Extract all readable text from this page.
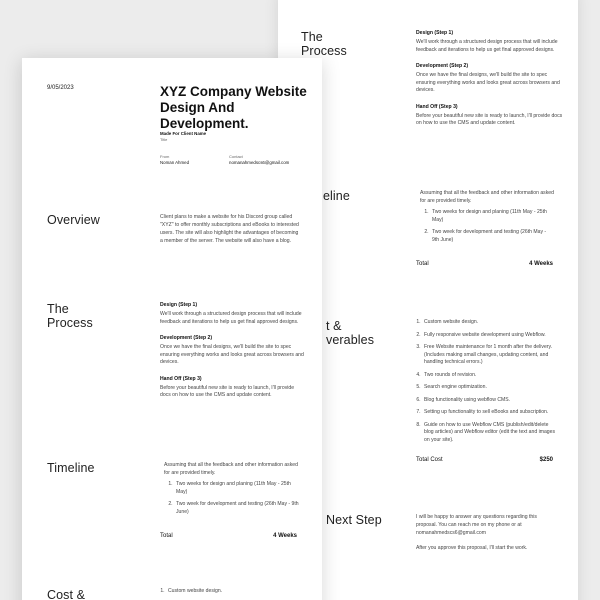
The
Process
Design (Step 1)
We'll work through a structured design process that will include feedback and iterations to help us get final approved designs.
Development (Step 2)
Once we have the final designs, we'll build the site to spec ensuring everything works and looks great across browsers and devices.
Hand Off (Step 3)
Before your beautiful new site is ready to launch, I'll provide docs on how to use the CMS and update content.
eline	Assuming that all the feedback and other information asked for are provided timely.
1. Two weeks for design and planing (11th May - 25th May)
2. Two week for development and testing (26th May - 9th June)
Total	4 Weeks
t &
verables
1. Custom website design.
2. Fully responsive website development using Webflow.
3. Free Website maintenance for 1 month after the delivery. (Includes making small changes, updating content, and handling technical errors.)
4. Two rounds of revision.
5. Search engine optimization.
6. Blog functionality using webflow CMS.
7. Setting up functionality to sell eBooks and subscription.
8. Guide on how to use Webflow CMS (publish/edit/delete blog articles) and Webflow editor (edit the text and images on your site).
Total Cost	$250
Next Step	I will be happy to answer any questions regarding this proposal. You can reach me on my phone or at nomanahmedscs6@gmail.com
After you approve this proposal, I'll start the work.
9/05/2023	XYZ Company Website Design And Development.
Made For Client Name
Title
From
Noman Ahmed
Contact
nomanahmedscs6@gmail.com
Overview	Client plans to make a website for his Discord group called "XYZ" to offer monthly subscriptions and eBooks to interested users. The site will also highlight the advantages of becoming a member of the server. The website will also have a blog.
The
Process
Design (Step 1)
We'll work through a structured design process that will include feedback and iterations to help us get final approved designs.
Development (Step 2)
Once we have the final designs, we'll build the site to spec ensuring everything works and looks great across browsers and devices.
Hand Off (Step 3)
Before your beautiful new site is ready to launch, I'll provide docs on how to use the CMS and update content.
Timeline	Assuming that all the feedback and other information asked for are provided timely.
1. Two weeks for design and planing (11th May - 25th May)
2. Two week for development and testing (26th May - 9th June)
Total	4 Weeks
Cost &
1.	Custom website design.
